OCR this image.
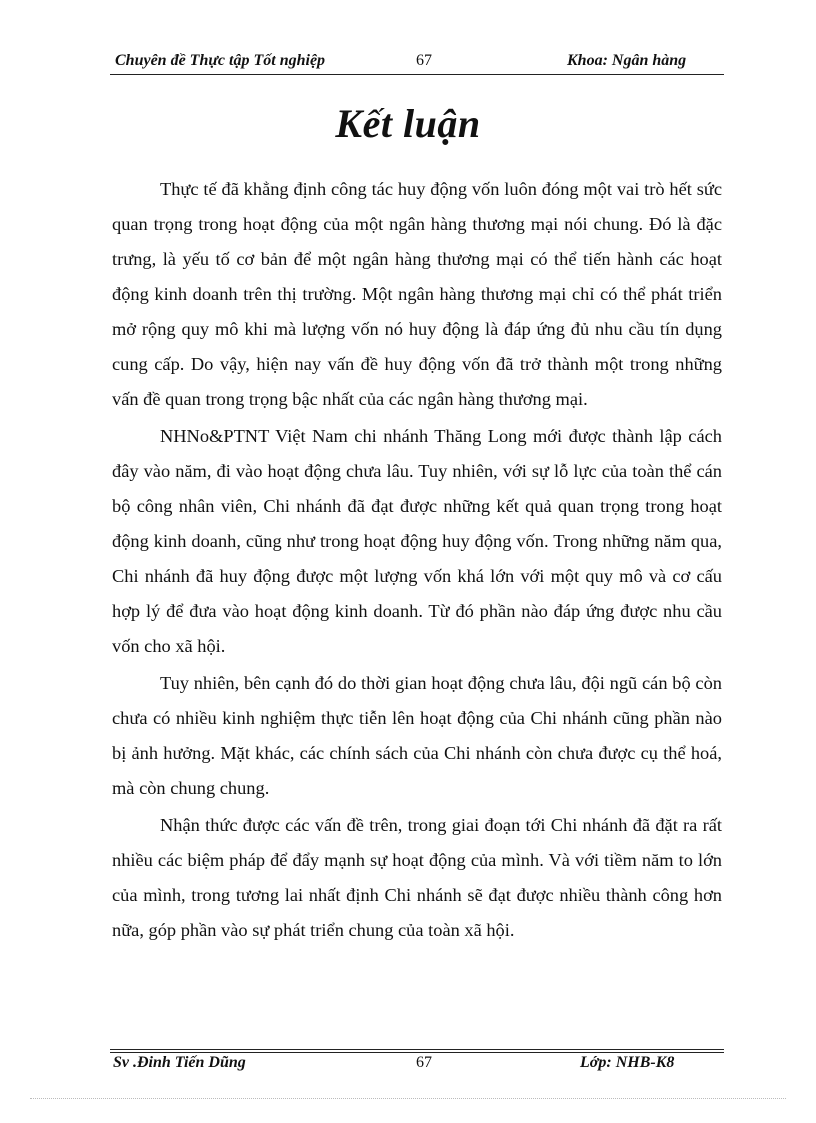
Chuyên đề Thực tập Tốt nghiệp	67	Khoa: Ngân hàng
Kết luận

Thực tế đã khẳng định công tác huy động vốn luôn đóng một vai trò hết sức quan trọng trong hoạt động của một ngân hàng thương mại nói chung. Đó là đặc trưng, là yếu tố cơ bản để một ngân hàng thương mại có thể tiến hành các hoạt động kinh doanh trên thị trường. Một ngân hàng thương mại chỉ có thể phát triển mở rộng quy mô khi mà lượng vốn nó huy động là đáp ứng đủ nhu cầu tín dụng cung cấp. Do vậy, hiện nay vấn đề huy động vốn đã trở thành một trong những vấn đề quan trong trọng bậc nhất của các ngân hàng thương mại.

NHNo&PTNT Việt Nam chi nhánh Thăng Long mới được thành lập cách đây vào năm, đi vào hoạt động chưa lâu. Tuy nhiên, với sự lỗ lực của toàn thể cán bộ công nhân viên, Chi nhánh đã đạt được những kết quả quan trọng trong hoạt động kinh doanh, cũng như trong hoạt động huy động vốn. Trong những năm qua, Chi nhánh đã huy động được một lượng vốn khá lớn với một quy mô và cơ cấu hợp lý để đưa vào hoạt động kinh doanh. Từ đó phần nào đáp ứng được nhu cầu vốn cho xã hội.

Tuy nhiên, bên cạnh đó do thời gian hoạt động chưa lâu, đội ngũ cán bộ còn chưa có nhiều kinh nghiệm thực tiễn lên hoạt động của Chi nhánh cũng phần nào bị ảnh hưởng. Mặt khác, các chính sách của Chi nhánh còn chưa được cụ thể hoá, mà còn chung chung.

Nhận thức được các vấn đề trên, trong giai đoạn tới Chi nhánh đã đặt ra rất nhiều các biệm pháp để đẩy mạnh sự hoạt động của mình. Và với tiềm năm to lớn của mình, trong tương lai nhất định Chi nhánh sẽ đạt được nhiều thành công hơn nữa, góp phần vào sự phát triển chung của toàn xã hội.

Sv .Đinh Tiến Dũng	67	Lớp: NHB-K8
